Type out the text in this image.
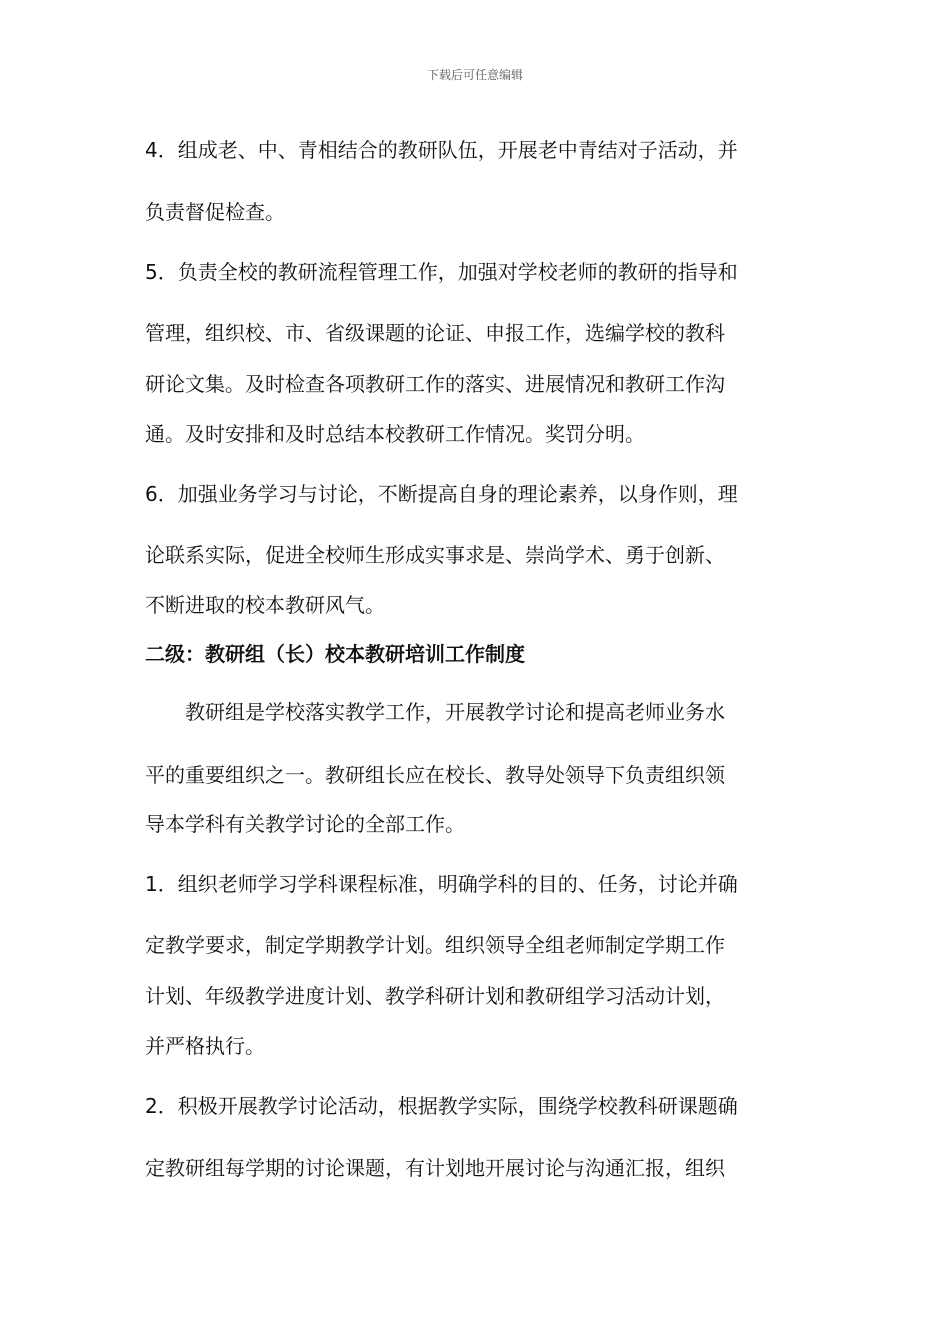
下载后可任意编辑
4．组成老、中、青相结合的教研队伍，开展老中青结对子活动，并
负责督促检查。
5．负责全校的教研流程管理工作，加强对学校老师的教研的指导和
管理，组织校、市、省级课题的论证、申报工作，选编学校的教科
研论文集。及时检查各项教研工作的落实、进展情况和教研工作沟
通。及时安排和及时总结本校教研工作情况。奖罚分明。
6．加强业务学习与讨论，不断提高自身的理论素养，以身作则，理
论联系实际，促进全校师生形成实事求是、崇尚学术、勇于创新、
不断进取的校本教研风气。
二级：教研组（长）校本教研培训工作制度
　　教研组是学校落实教学工作，开展教学讨论和提高老师业务水
平的重要组织之一。教研组长应在校长、教导处领导下负责组织领
导本学科有关教学讨论的全部工作。
1．组织老师学习学科课程标准，明确学科的目的、任务，讨论并确
定教学要求，制定学期教学计划。组织领导全组老师制定学期工作
计划、年级教学进度计划、教学科研计划和教研组学习活动计划，
并严格执行。
2．积极开展教学讨论活动，根据教学实际，围绕学校教科研课题确
定教研组每学期的讨论课题，有计划地开展讨论与沟通汇报，组织
